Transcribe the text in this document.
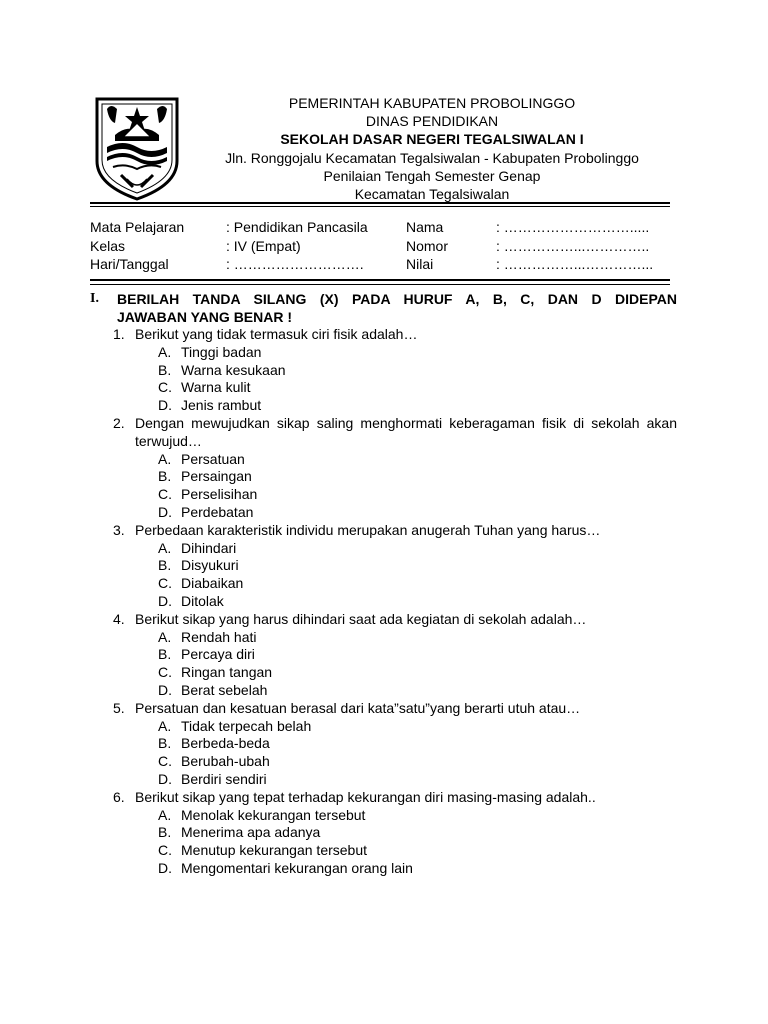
PEMERINTAH KABUPATEN PROBOLINGGO
DINAS PENDIDIKAN
SEKOLAH DASAR NEGERI TEGALSIWALAN I
Jln. Ronggojalu Kecamatan Tegalsiwalan - Kabupaten Probolinggo
Penilaian Tengah Semester Genap
Kecamatan Tegalsiwalan
Mata Pelajaran	: Pendidikan Pancasila	Nama	: ……………………….....
Kelas	: IV (Empat)	Nomor	: ……………...…………..
Hari/Tanggal	: ……………………….	Nilai	: ……………...…………...
I. BERILAH TANDA SILANG (X) PADA HURUF A, B, C, DAN D DIDEPAN
JAWABAN YANG BENAR !
1. Berikut yang tidak termasuk ciri fisik adalah…
A. Tinggi badan
B. Warna kesukaan
C. Warna kulit
D. Jenis rambut
2. Dengan mewujudkan sikap saling menghormati keberagaman fisik di sekolah akan terwujud…
A. Persatuan
B. Persaingan
C. Perselisihan
D. Perdebatan
3. Perbedaan karakteristik individu merupakan anugerah Tuhan yang harus…
A. Dihindari
B. Disyukuri
C. Diabaikan
D. Ditolak
4. Berikut sikap yang harus dihindari saat ada kegiatan di sekolah adalah…
A. Rendah hati
B. Percaya diri
C. Ringan tangan
D. Berat sebelah
5. Persatuan dan kesatuan berasal dari kata”satu”yang berarti utuh atau…
A. Tidak terpecah belah
B. Berbeda-beda
C. Berubah-ubah
D. Berdiri sendiri
6. Berikut sikap yang tepat terhadap kekurangan diri masing-masing adalah..
A. Menolak kekurangan tersebut
B. Menerima apa adanya
C. Menutup kekurangan tersebut
D. Mengomentari kekurangan orang lain
